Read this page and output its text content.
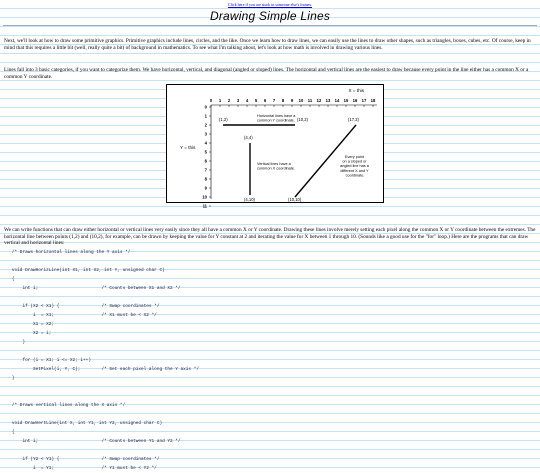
Click here if you are stuck in someone else's frames.
Drawing Simple Lines

Next, we'll look at how to draw some primitive graphics. Primitive graphics include lines, circles, and the like. Once we learn how to draw lines, we can easily use the lines to draw other shapes, such as triangles, boxes, cubes, etc. Of course, keep in mind that this requires a little bit (well, really quite a bit) of background in mathematics. To see what I'm talking about, let's look at how math is involved in drawing various lines.

Lines fall into 3 basic categories, if you want to categorize them. We have horizontal, vertical, and diagonal (angled or sloped) lines. The horizontal and vertical lines are the easiest to draw because every point in the line either has a common X or a common Y coordinate.

X = this
Y = this
0 1 2 3 4 5 6 7 8 9 10 11 12 13 14 15 16 17 18
0
1
2
3
4
5
6
7
8
9
10
11
(1,2)	(10,2)
(4,4)
(4,10)
(17,2)
(10,10)
Horizontal lines have a common Y coordinate.
Vertical lines have a common X coordinate.
Every point on a sloped or angled line has a different X and Y coordinate.

We can write functions that can draw either horizontal or vertical lines very easily since they all have a common X or Y coordinate. Drawing these lines involve merely setting each pixel along the common X or Y coordinate between the extremes. The horizontal line between points (1,2) and (10,2), for example, can be drawn by keeping the value for Y constant at 2 and iterating the value for X between 1 through 10. (Sounds like a good use for the "for" loop.) Here are the programs that can draw vertical and horizontal lines:

/* Draws horizontal lines along the Y axis */

void DrawHorizLine(int X1, int X2, int Y, unsigned char C)
{
int i;                        /* Counts between X1 and X2 */

if (X2 < X1) {                /* Swap coordinates */
i  = X1;                  /* X1 must be < X2 */
X1 = X2;
X2 = i;
}

for (i = X1; i <= X2; i++)
SetPixel(i, Y, C);        /* Set each pixel along the Y axis */
}

/* Draws vertical lines along the X axis */

void DrawVertLine(int X, int Y1, int Y2, unsigned char C)
{
int i;                        /* Counts between Y1 and Y2 */

if (Y2 < Y1) {                /* Swap coordinates */
i  = Y1;                  /* Y1 must be < Y2 */
